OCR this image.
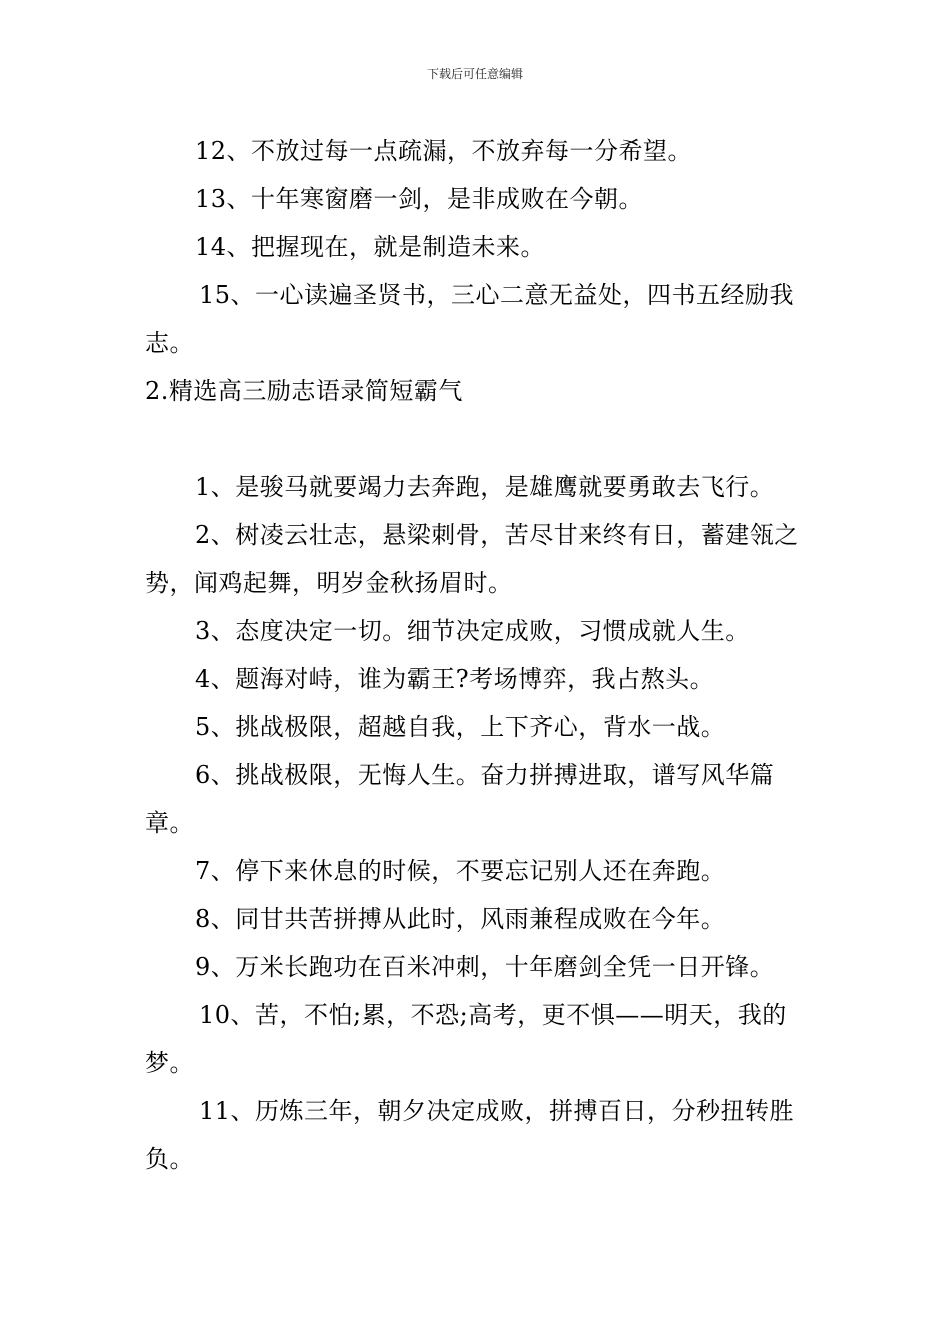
下载后可任意编辑

12、不放过每一点疏漏，不放弃每一分希望。

13、十年寒窗磨一剑，是非成败在今朝。

14、把握现在，就是制造未来。

15、一心读遍圣贤书，三心二意无益处，四书五经励我志。

2.精选高三励志语录简短霸气

1、是骏马就要竭力去奔跑，是雄鹰就要勇敢去飞行。

2、树凌云壮志，悬梁刺骨，苦尽甘来终有日，蓄建瓴之势，闻鸡起舞，明岁金秋扬眉时。

3、态度决定一切。细节决定成败，习惯成就人生。

4、题海对峙，谁为霸王?考场博弈，我占熬头。

5、挑战极限，超越自我，上下齐心，背水一战。

6、挑战极限，无悔人生。奋力拼搏进取，谱写风华篇章。

7、停下来休息的时候，不要忘记别人还在奔跑。

8、同甘共苦拼搏从此时，风雨兼程成败在今年。

9、万米长跑功在百米冲刺，十年磨剑全凭一日开锋。

10、苦，不怕;累，不恐;高考，更不惧——明天，我的梦。

11、历炼三年，朝夕决定成败，拼搏百日，分秒扭转胜负。
